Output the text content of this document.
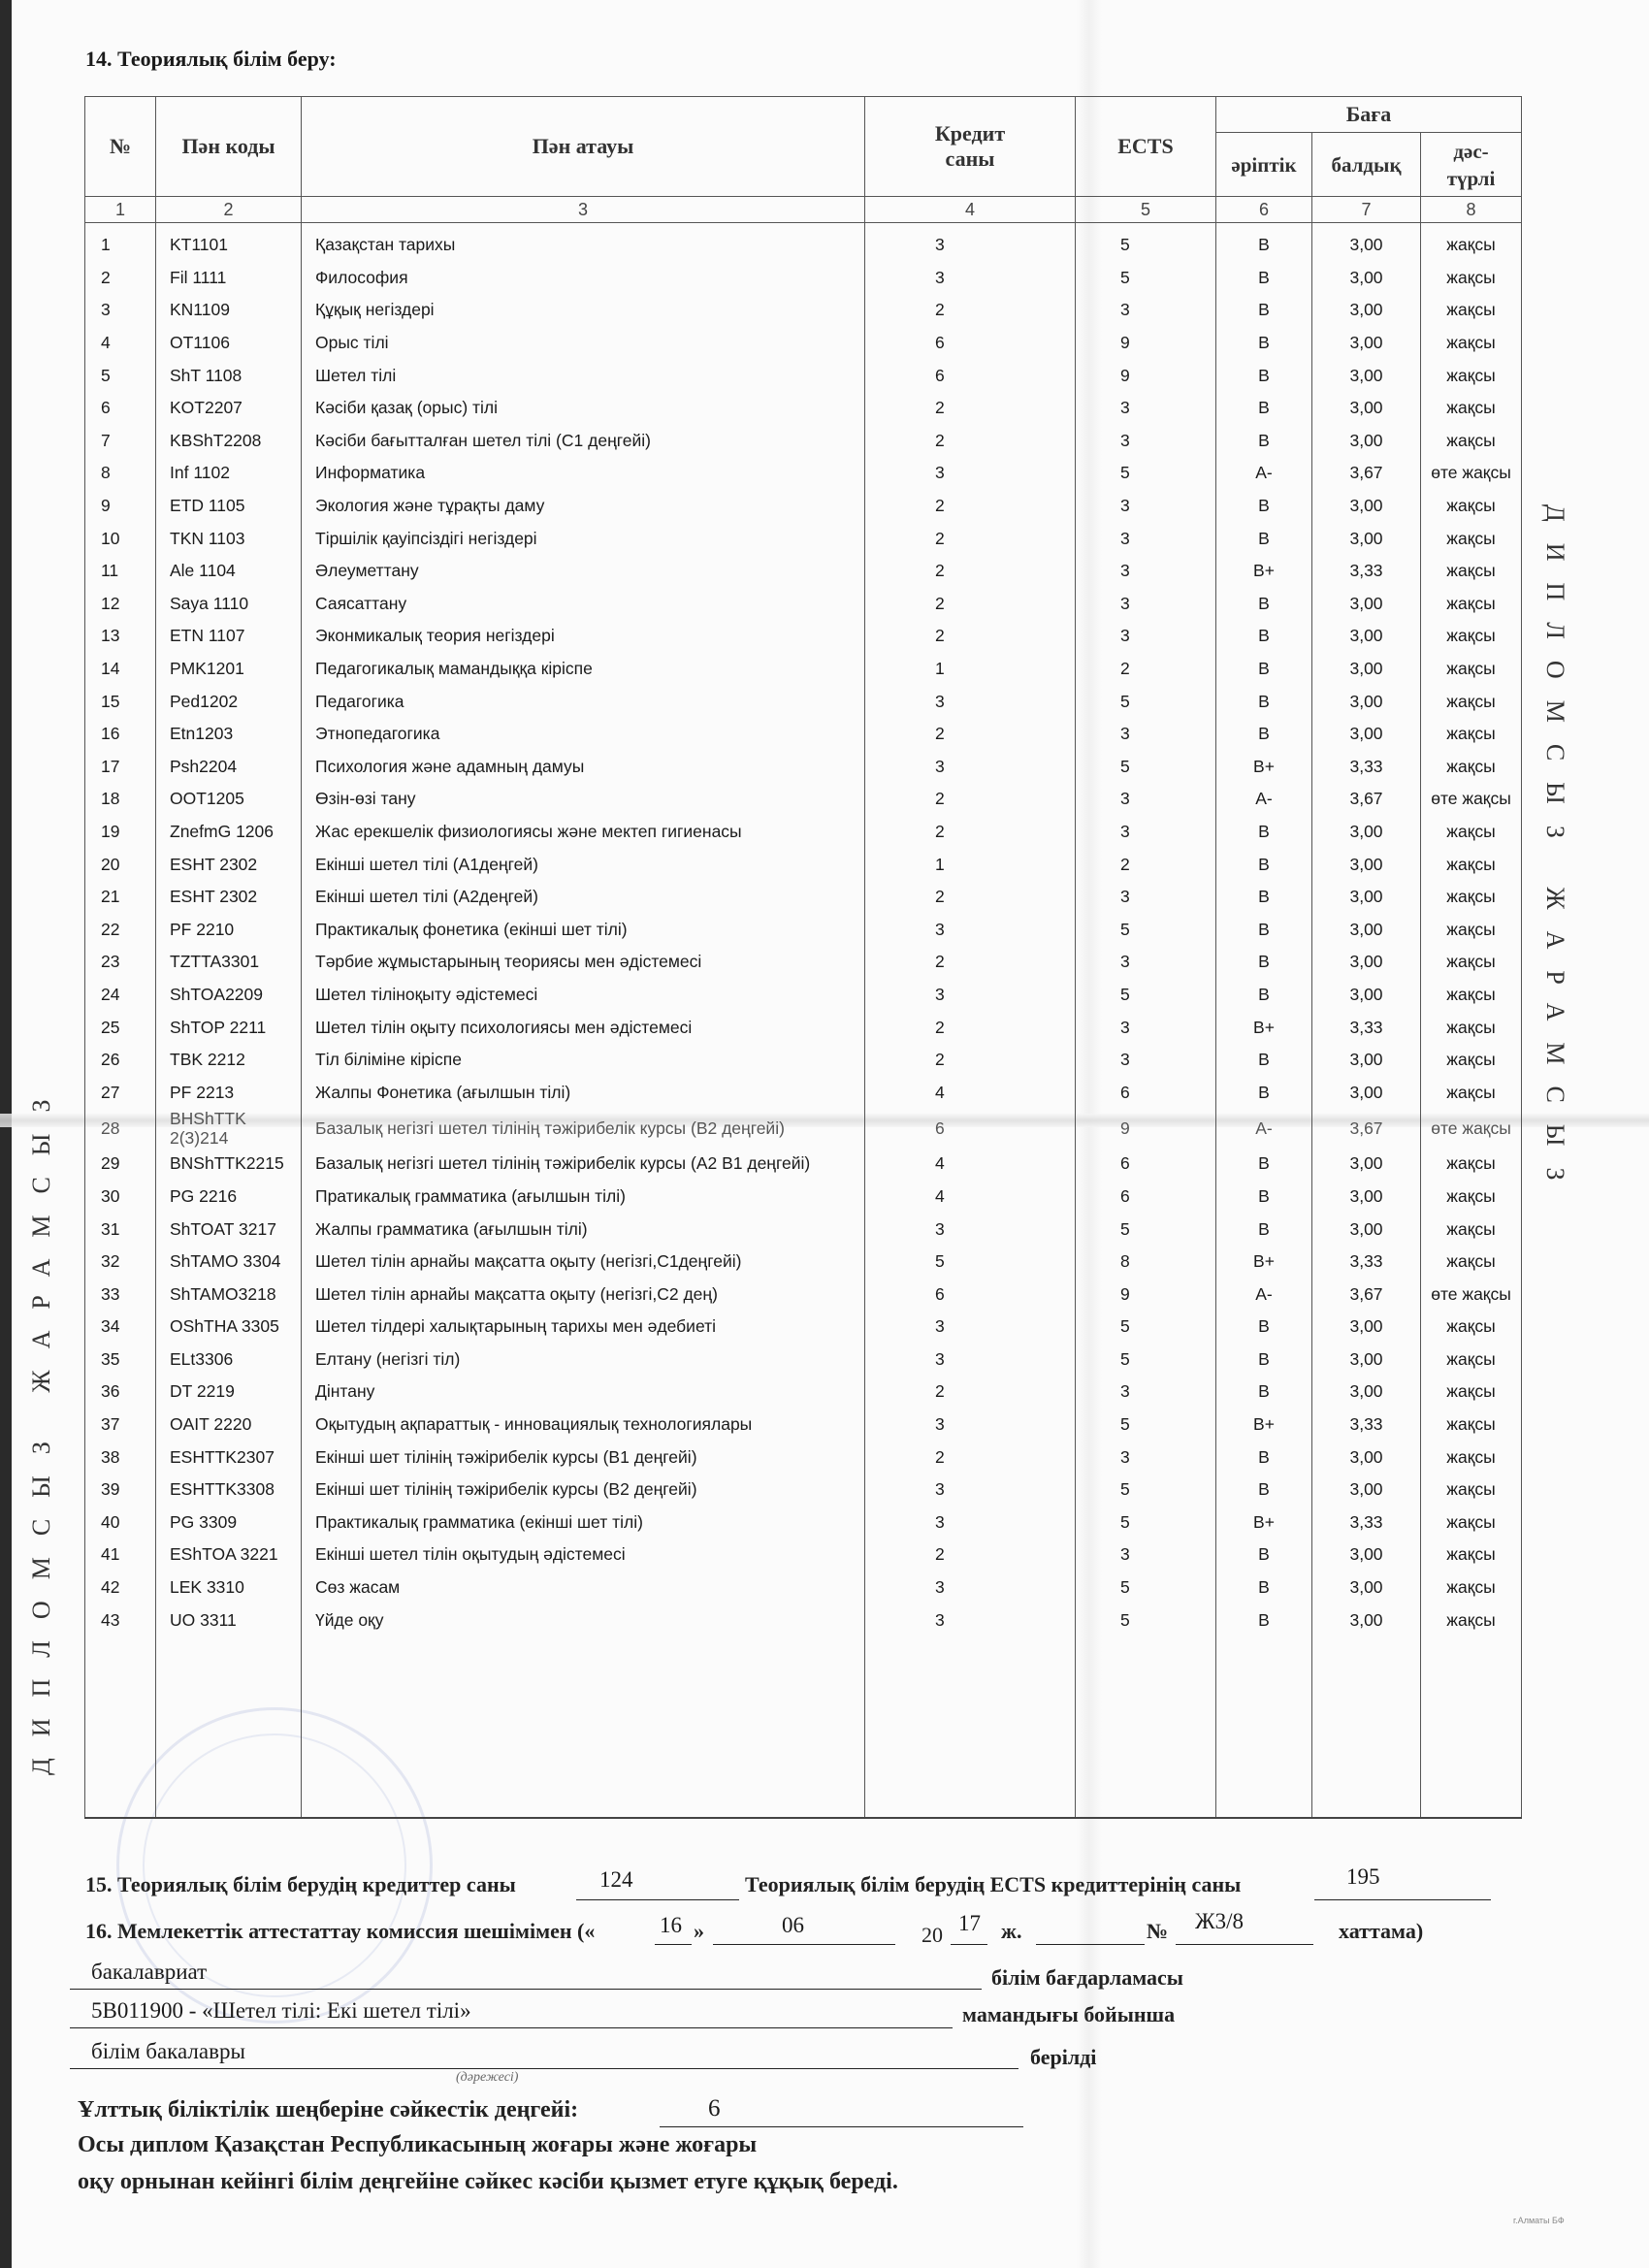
14. Теориялық білім беру:
ДИПЛОМСЫЗ ЖАРАМСЫЗ
ДИПЛОМСЫЗ ЖАРАМСЫЗ
№	Пән коды	Пән атауы	Кредит саны	ECTS	Баға		
					әріптік	балдық	дәс-түрлі
1	2	3	4	5	6	7	8
1	KT1101	Қазақстан тарихы	3	5	B	3,00	жақсы
2	Fil 1111	Философия	3	5	B	3,00	жақсы
3	KN1109	Құқық негіздері	2	3	B	3,00	жақсы
4	OT1106	Орыс тілі	6	9	B	3,00	жақсы
5	ShT 1108	Шетел тілі	6	9	B	3,00	жақсы
6	KOT2207	Кәсіби қазақ (орыс) тілі	2	3	B	3,00	жақсы
7	KBShT2208	Кәсіби бағытталған шетел тілі (С1 деңгейі)	2	3	B	3,00	жақсы
8	Inf 1102	Информатика	3	5	A-	3,67	өте жақсы
9	ETD 1105	Экология және тұрақты даму	2	3	B	3,00	жақсы
10	TKN 1103	Тіршілік қауіпсіздігі негіздері	2	3	B	3,00	жақсы
11	Ale 1104	Әлеуметтану	2	3	B+	3,33	жақсы
12	Saya 1110	Саясаттану	2	3	B	3,00	жақсы
13	ETN 1107	Эконмикалық теория негіздері	2	3	B	3,00	жақсы
14	PMK1201	Педагогикалық мамандыққа кіріспе	1	2	B	3,00	жақсы
15	Ped1202	Педагогика	3	5	B	3,00	жақсы
16	Etn1203	Этнопедагогика	2	3	B	3,00	жақсы
17	Psh2204	Психология және адамның дамуы	3	5	B+	3,33	жақсы
18	OOT1205	Өзін-өзі тану	2	3	A-	3,67	өте жақсы
19	ZnefmG 1206	Жас ерекшелік физиологиясы және мектеп гигиенасы	2	3	B	3,00	жақсы
20	ESHT 2302	Екінші шетел тілі (А1деңгей)	1	2	B	3,00	жақсы
21	ESHT 2302	Екінші шетел тілі (А2деңгей)	2	3	B	3,00	жақсы
22	PF 2210	Практикалық фонетика (екінші шет тілі)	3	5	B	3,00	жақсы
23	TZTTA3301	Тәрбие жұмыстарының теориясы мен әдістемесі	2	3	B	3,00	жақсы
24	ShTOA2209	Шетел тіліноқыту әдістемесі	3	5	B	3,00	жақсы
25	ShTOP 2211	Шетел тілін оқыту психологиясы мен әдістемесі	2	3	B+	3,33	жақсы
26	TBK 2212	Тіл біліміне кіріспе	2	3	B	3,00	жақсы
27	PF 2213	Жалпы Фонетика (ағылшын тілі)	4	6	B	3,00	жақсы
28	BHShTTK 2(3)214	Базалық негізгі шетел тілінің тәжірибелік курсы (В2 деңгейі)	6	9	A-	3,67	өте жақсы
29	BNShTTK2215	Базалық негізгі шетел тілінің тәжірибелік курсы (А2 В1 деңгейі)	4	6	B	3,00	жақсы
30	PG 2216	Пратикалық грамматика (ағылшын тілі)	4	6	B	3,00	жақсы
31	ShTOAT 3217	Жалпы грамматика (ағылшын тілі)	3	5	B	3,00	жақсы
32	ShTAMO 3304	Шетел тілін арнайы мақсатта оқыту (негізгі,С1деңгейі)	5	8	B+	3,33	жақсы
33	ShTAMO3218	Шетел тілін арнайы мақсатта оқыту (негізгі,С2 дең)	6	9	A-	3,67	өте жақсы
34	OShTHA 3305	Шетел тілдері халықтарының тарихы мен әдебиеті	3	5	B	3,00	жақсы
35	ELt3306	Елтану (негізгі тіл)	3	5	B	3,00	жақсы
36	DT 2219	Дінтану	2	3	B	3,00	жақсы
37	OAIT 2220	Оқытудың ақпараттық - инновациялық технологиялары	3	5	B+	3,33	жақсы
38	ESHTTK2307	Екінші шет тілінің тәжірибелік курсы (В1 деңгейі)	2	3	B	3,00	жақсы
39	ESHTTK3308	Екінші шет тілінің тәжірибелік курсы (В2 деңгейі)	3	5	B	3,00	жақсы
40	PG 3309	Практикалық грамматика (екінші шет тілі)	3	5	B+	3,33	жақсы
41	EShTOA 3221	Екінші шетел тілін оқытудың әдістемесі	2	3	B	3,00	жақсы
42	LEK 3310	Сөз жасам	3	5	B	3,00	жақсы
43	UO 3311	Үйде оқу	3	5	B	3,00	жақсы

15. Теориялық білім берудің кредиттер саны	124	Теориялық білім берудің ECTS кредиттерінің саны	195
16. Мемлекеттік аттестаттау комиссия шешімімен («	16 »	06	20 17 ж.	№ Ж3/8	хаттама)
бакалавриат	білім бағдарламасы
5В011900 - «Шетел тілі: Екі шетел тілі»	мамандығы бойынша
білім бакалавры	берілді
(дәрежесі)
Ұлттық біліктілік шеңберіне сәйкестік деңгейі:	6
Осы диплом Қазақстан Республикасының жоғары және жоғары
оқу орнынан кейінгі білім деңгейіне сәйкес кәсіби қызмет етуге құқық береді.
г.Алматы БФ
